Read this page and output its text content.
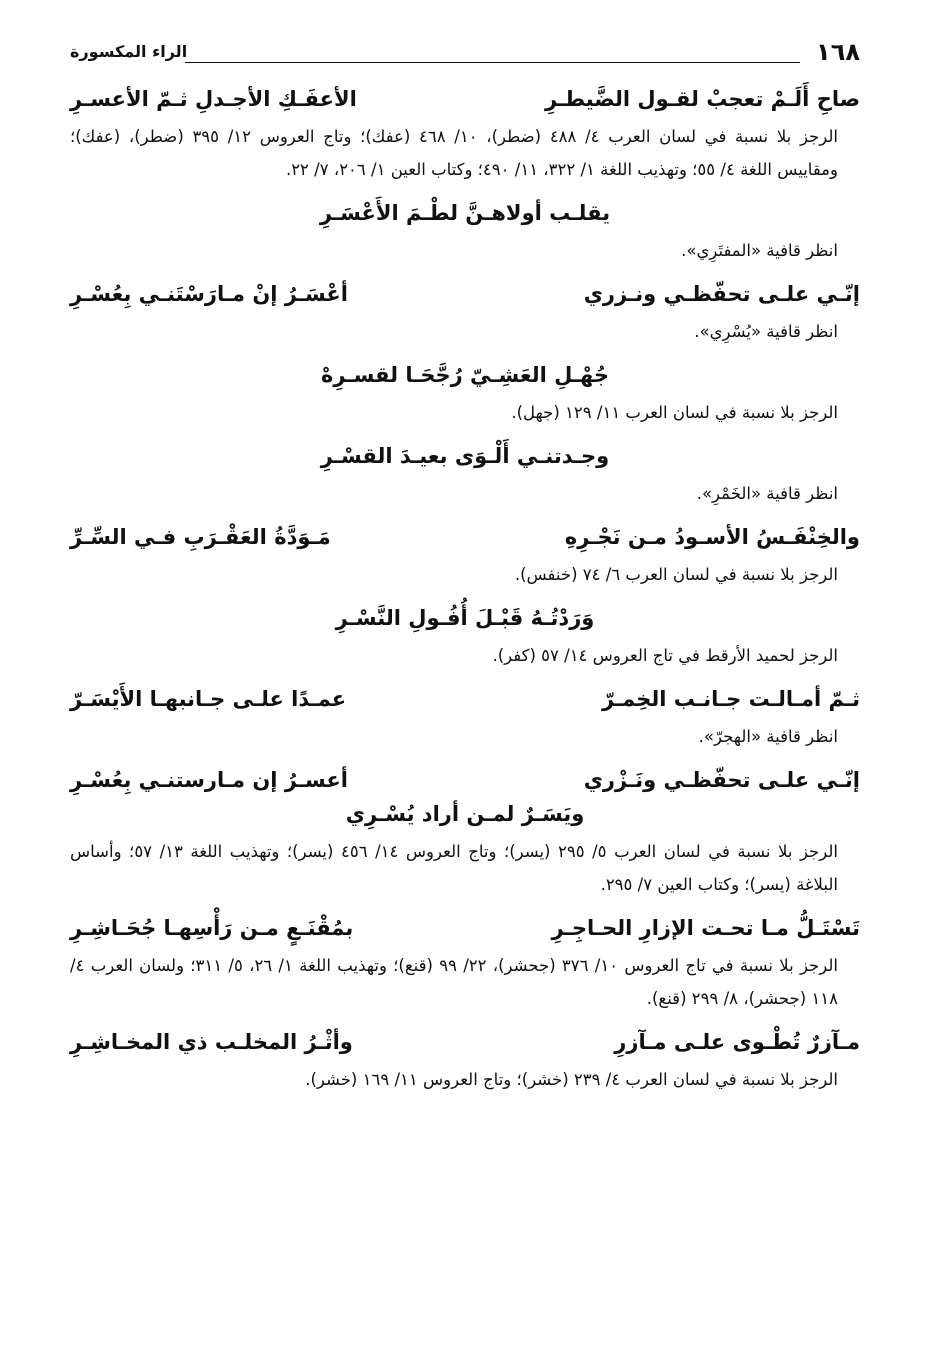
١٦٨
الراء المكسورة
صاحِ أَلَـمْ تعجبْ لقـول الضَّيطـرِ
الأعفَـكِ الأجـدلِ ثـمّ الأعسـرِ
الرجز بلا نسبة في لسان العرب ٤/ ٤٨٨ (ضطر)، ١٠/ ٤٦٨ (عفك)؛ وتاج العروس ١٢/ ٣٩٥ (ضطر)، (عفك)؛ ومقاييس اللغة ٤/ ٥٥؛ وتهذيب اللغة ١/ ٣٢٢، ١١/ ٤٩٠؛ وكتاب العين ١/ ٢٠٦، ٧/ ٢٢.
يقلـب أولاهـنَّ لطْـمَ الأَعْسَـرِ
انظر قافية «المفتَرِي».
إنّـي علـى تحفّظـي ونـزري
أعْسَـرُ إنْ مـارَسْتَنـي بِعُسْـرِ
انظر قافية «يُسْرِي».
جُهْـلِ العَشِـيّ رُجَّحَـا لقسـرِهْ
الرجز بلا نسبة في لسان العرب ١١/ ١٢٩ (جهل).
وجـدتنـي أَلْـوَى بعيـدَ القسْـرِ
انظر قافية «الخَمْرِ».
والخِنْفَـسُ الأسـودُ مـن نَجْـرِهِ
مَـوَدَّةُ العَقْـرَبِ فـي السِّـرِّ
الرجز بلا نسبة في لسان العرب ٦/ ٧٤ (خنفس).
وَرَدْتُـهُ قَبْـلَ أُفُـولِ النَّسْـرِ
الرجز لحميد الأرقط في تاج العروس ١٤/ ٥٧ (كفر).
ثـمّ أمـالـت جـانـب الخِمـرّ
عمـدًا علـى جـانبهـا الأَيْسَـرّ
انظر قافية «الهجرّ».
إنّـي علـى تحفّظـي ونَـزْري
أعسـرُ إن مـارستنـي بِعُسْـرِ
ويَسَـرٌ لمـن أراد يُسْـرِي
الرجز بلا نسبة في لسان العرب ٥/ ٢٩٥ (يسر)؛ وتاج العروس ١٤/ ٤٥٦ (يسر)؛ وتهذيب اللغة ١٣/ ٥٧؛ وأساس البلاغة (يسر)؛ وكتاب العين ٧/ ٢٩٥.
تَسْتَـلُّ مـا تحـت الإزارِ الحـاجِـرِ
بمُقْنَـعٍ مـن رَأْسِهـا جُحَـاشِـرِ
الرجز بلا نسبة في تاج العروس ١٠/ ٣٧٦ (جحشر)، ٢٢/ ٩٩ (قنع)؛ وتهذيب اللغة ١/ ٢٦، ٥/ ٣١١؛ ولسان العرب ٤/ ١١٨ (جحشر)، ٨/ ٢٩٩ (قنع).
مـآزرٌ تُطْـوى علـى مـآزرِ
وأثْـرُ المخلـب ذي المخـاشِـرِ
الرجز بلا نسبة في لسان العرب ٤/ ٢٣٩ (خشر)؛ وتاج العروس ١١/ ١٦٩ (خشر).
